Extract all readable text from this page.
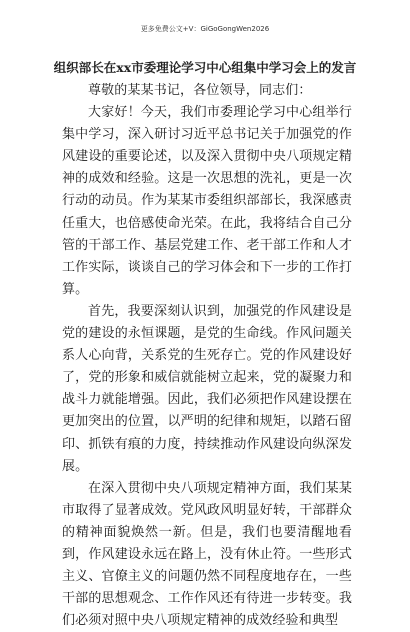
更多免费公文+V：GiGoGongWen2026
组织部长在xx市委理论学习中心组集中学习会上的发言

尊敬的某某书记，各位领导，同志们：

大家好！今天，我们市委理论学习中心组举行集中学习，深入研讨习近平总书记关于加强党的作风建设的重要论述，以及深入贯彻中央八项规定精神的成效和经验。这是一次思想的洗礼，更是一次行动的动员。作为某某市委组织部部长，我深感责任重大，也倍感使命光荣。在此，我将结合自己分管的干部工作、基层党建工作、老干部工作和人才工作实际，谈谈自己的学习体会和下一步的工作打算。

首先，我要深刻认识到，加强党的作风建设是党的建设的永恒课题，是党的生命线。作风问题关系人心向背，关系党的生死存亡。党的作风建设好了，党的形象和威信就能树立起来，党的凝聚力和战斗力就能增强。因此，我们必须把作风建设摆在更加突出的位置，以严明的纪律和规矩，以踏石留印、抓铁有痕的力度，持续推动作风建设向纵深发展。

在深入贯彻中央八项规定精神方面，我们某某市取得了显著成效。党风政风明显好转，干部群众的精神面貌焕然一新。但是，我们也要清醒地看到，作风建设永远在路上，没有休止符。一些形式主义、官僚主义的问题仍然不同程度地存在，一些干部的思想观念、工作作风还有待进一步转变。我们必须对照中央八项规定精神的成效经验和典型
